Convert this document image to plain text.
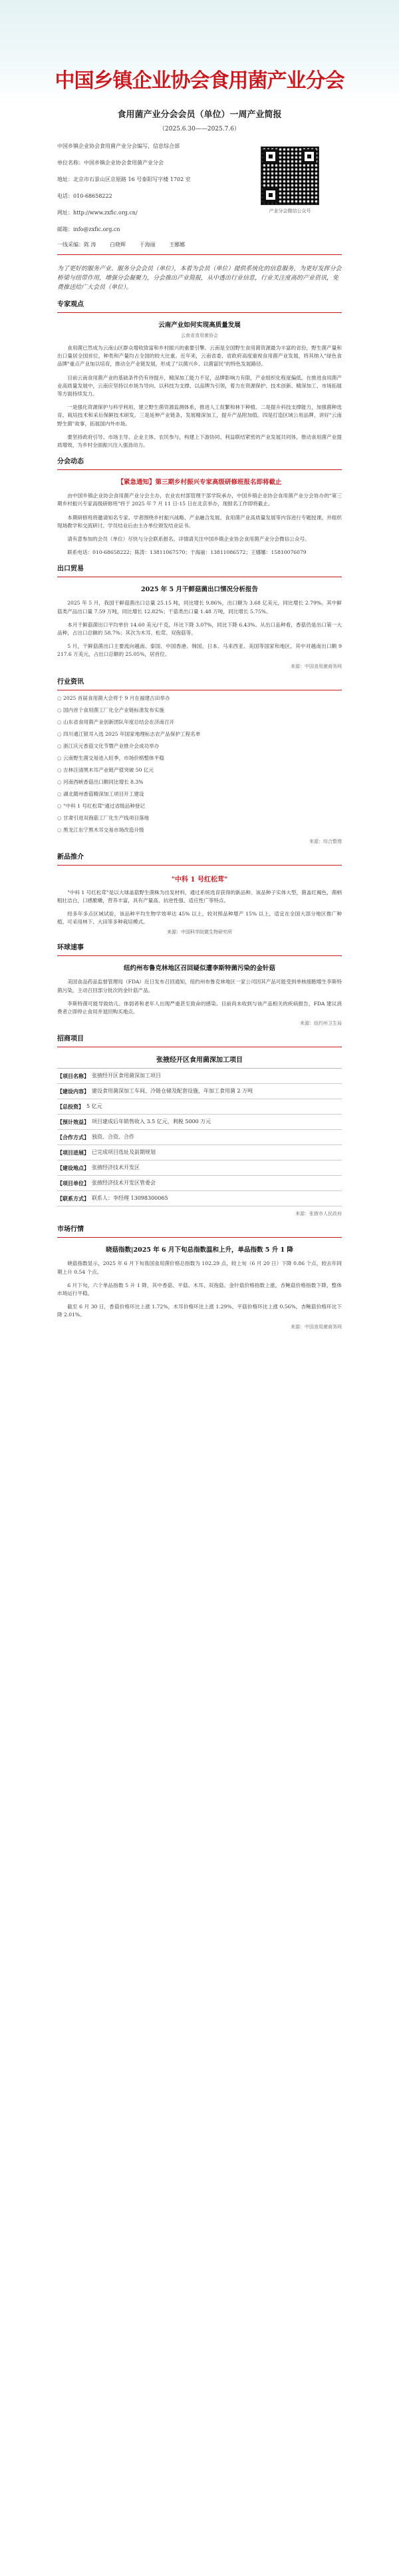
中国乡镇企业协会食用菌产业分会
食用菌产业分会会员（单位）一周产业简报
（2025.6.30——2025.7.6）
中国乡镇企业协会食用菌产业分会编写，信息综合部
单位名称：中国乡镇企业协会食用菌产业分会
地址：北京市石景山区京原路 16 号泰阳写字楼 1702 室
电话：010-68658222
网址：http://www.zxfic.org.cn/
邮箱：info@zxfic.org.cn
产业分会微信公众号
一线采编：陈 涛	白晓辉	于海丽	王娜娜
为了更好的服务产业、服务分会会员（单位），本着为会员（单位）提供系统化的信息服务，为更好发挥分会桥梁与纽带作用，增强分会凝聚力，分会推出产业简报，从中透出行业信息，行业关注度高的产业资讯，免费推送给广大会员（单位）。
专家观点
云南产业如何实现高质量发展
云南省食用菌协会
食用菌已然成为云南山区群众增收致富和乡村振兴的重要引擎。云南是全国野生食用菌资源最为丰富的省份，野生菌产量和出口量居全国首位，种类和产量均占全国的较大比重。近年来，云南省委、省政府高度重视食用菌产业发展，将其纳入"绿色食品牌"重点产业加以培育，推动全产业链发展，形成了"以菌兴乡、以菌富民"的特色发展路径。
目前云南食用菌产业的基础条件仍有待提升，精深加工能力不足，品牌影响力有限，产业组织化程度偏低。在推进食用菌产业高质量发展中，云南应坚持以市场为导向、以科技为支撑、以品牌为引领，着力在资源保护、技术创新、精深加工、市场拓展等方面持续发力。
一是强化资源保护与科学利用，建立野生菌资源监测体系，推进人工促繁和林下种植。二是提升科技支撑能力，加强菌种选育、栽培技术和采后保鲜技术研发。三是延伸产业链条，发展精深加工，提升产品附加值。四是打造区域公用品牌，讲好"云南野生菌"故事，拓展国内外市场。
要坚持政府引导、市场主导、企业主体、农民参与，构建上下游协同、利益联结紧密的产业发展共同体，推动食用菌产业提质增效，为乡村全面振兴注入强劲动力。
分会动态
【紧急通知】第三期乡村振兴专家高级研修班报名即将截止
由中国乡镇企业协会食用菌产业分会主办，农业农村部管理干部学院承办，中国乡镇企业协会食用菌产业分会协办的"第三期乡村振兴专家高级研修班"将于 2025 年 7 月 11 日-15 日在北京举办，现报名工作即将截止。
本期研修班将邀请知名专家、学者围绕乡村振兴战略、产业融合发展、食用菌产业高质量发展等内容进行专题授课，并组织现场教学和交流研讨。学员结业后由主办单位颁发结业证书。
请有意参加的会员（单位）尽快与分会联系报名。详情请关注中国乡镇企业协会食用菌产业分会微信公众号。
联系电话：010-68658222；陈涛：13811067570；于海丽：13811086572；王娜娜：15810076079
出口贸易
2025 年 5 月干鲜菇菌出口情况分析报告
2025 年 5 月，我国干鲜菇菌出口总量 25.15 吨，同比增长 9.86%，出口额为 3.68 亿美元，同比增长 2.79%。其中鲜菇类产品出口量 7.59 万吨，同比增长 12.82%；干菇类出口量 1.48 万吨，同比增长 5.75%。
本月干鲜菇菌出口平均单价 14.60 美元/千克，环比下降 3.07%，同比下降 6.43%。从出口品种看，香菇仍是出口第一大品种，占出口总额的 58.7%；其次为木耳、松茸、双孢菇等。
5 月，干鲜菇菌出口主要流向越南、泰国、中国香港、韩国、日本、马来西亚、美国等国家和地区，其中对越南出口额 9 217.6 万美元，占出口总额的 25.05%，居首位。
来源：中国食用菌商务网
行业资讯
○ 2025 首届食用菌大会将于 9 月在福建古田举办
○ 国内首个食用菌工厂化全产业链标准发布实施
○ 山东省食用菌产业创新团队年度总结会在济南召开
○ 四川通江银耳入选 2025 年国家地理标志农产品保护工程名单
○ 浙江庆元香菇文化节暨产业推介会成功举办
○ 云南野生菌交易进入旺季，市场价格整体平稳
○ 吉林汪清黑木耳产业链产值突破 50 亿元
○ 河南西峡香菇出口额同比增长 8.3%
○ 湖北随州香菇精深加工项目开工建设
○ "中科 1 号红松茸"通过省级品种登记
○ 甘肃引进双孢菇工厂化生产线项目落地
○ 黑龙江东宁黑木耳交易市场改造升级
来源：综合整理
新品推介
"中科 1 号红松茸"
"中科 1 号红松茸"是以大球盖菇野生菌株为出发材料，通过系统选育获得的新品种。该品种子实体大型，菌盖红褐色，菌柄粗壮洁白，口感脆嫩，营养丰富，具有产量高、抗逆性强、适应性广等特点。
经多年多点区域试验，该品种平均生物学效率达 45% 以上，较对照品种增产 15% 以上，适宜在全国大部分地区推广种植，可采用林下、大田等多种栽培模式。
来源：中国科学院微生物研究所
环球速事
纽约州布鲁克林地区召回疑似遭李斯特菌污染的金针菇
美国食品药品监督管理局（FDA）近日发布召回通知，纽约州布鲁克林地区一家公司因其产品可能受到单核细胞增生李斯特菌污染，主动召回部分批次的金针菇产品。
李斯特菌可能导致幼儿、体弱者和老年人出现严重甚至致命的感染。目前尚未收到与该产品相关的疾病报告，FDA 建议消费者立即停止食用并退回购买地点。
来源：纽约州卫生局
招商项目
张掖经开区食用菌深加工项目
【项目名称】 张掖经开区食用菌深加工项目
【建设内容】 建设食用菌深加工车间、冷链仓储及配套设施，年加工食用菌 2 万吨
【总投资】 5 亿元
【预计效益】 项目建成后年销售收入 3.5 亿元，利税 5000 万元
【合作方式】 独资、合资、合作
【项目进展】 已完成项目选址及前期规划
【建设地点】 张掖经济技术开发区
【项目单位】 张掖经济技术开发区管委会
【联系方式】 联系人：李经理 13098300065
来源：张掖市人民政府
市场行情
晓菇指数|2025 年 6 月下旬总指数温和上升，单品指数 5 升 1 降
晓菇指数显示，2025 年 6 月下旬我国食用菌价格总指数为 102.29 点，较上旬（6 月 20 日）下降 0.86 个点，较去年同期上升 0.54 个点。
6 月下旬，六个单品指数 5 升 1 降，其中香菇、平菇、木耳、双孢菇、金针菇价格指数上涨，杏鲍菇价格指数下降，整体市场运行平稳。
截至 6 月 30 日，香菇价格环比上涨 1.72%，木耳价格环比上涨 1.29%，平菇价格环比上涨 0.56%，杏鲍菇价格环比下降 2.01%。
来源：中国食用菌商务网
